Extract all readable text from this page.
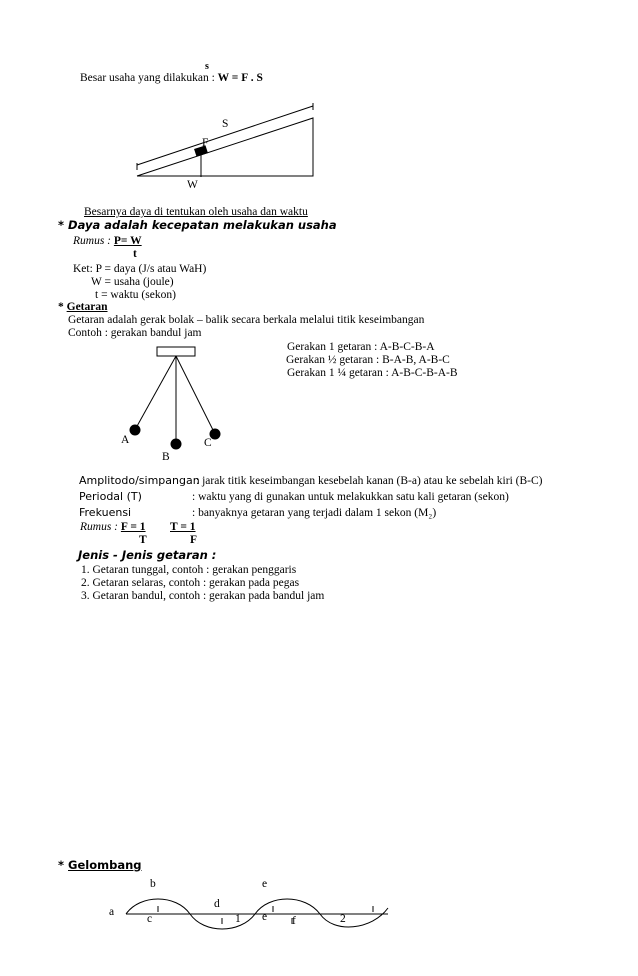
s
Besar usaha yang dilakukan : W = F . S
S
F
W
Besarnya daya di tentukan oleh usaha dan waktu
* Daya adalah kecepatan melakukan usaha
Rumus : P= W
t
Ket: P = daya (J/s atau WaH)
W = usaha (joule)
t = waktu (sekon)
* Getaran
Getaran adalah gerak bolak – balik secara berkala melalui titik keseimbangan
Contoh : gerakan bandul jam
Gerakan 1 getaran : A-B-C-B-A
Gerakan ½ getaran : B-A-B, A-B-C
Gerakan 1 ¼ getaran : A-B-C-B-A-B
A
B
C
Amplitodo/simpangan
: jarak titik keseimbangan kesebelah kanan (B-a) atau ke sebelah kiri (B-C)
Periodal (T)	: waktu yang di gunakan untuk melakukkan satu kali getaran (sekon)
Frekuensi	: banyaknya getaran yang terjadi dalam 1 sekon (M₂)
Rumus : F = 1 T = 1
T	F
Jenis - Jenis getaran :
1. Getaran tunggal, contoh : gerakan penggaris
2. Getaran selaras, contoh : gerakan pada pegas
3. Getaran bandul, contoh : gerakan pada bandul jam
* Gelombang
a
b
c
d
1
e
e f	2
